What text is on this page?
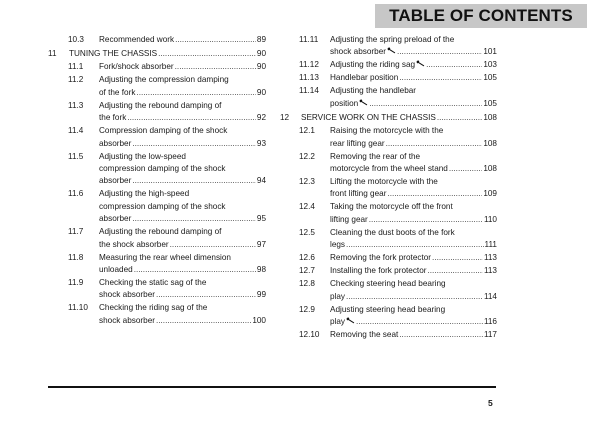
TABLE OF CONTENTS
10.3	Recommended work .....	89
11	TUNING THE CHASSIS .....	90
11.1	Fork/shock absorber .....	90
11.2	Adjusting the compression damping
of the fork .....	90
11.3	Adjusting the rebound damping of
the fork .....	92
11.4	Compression damping of the shock
absorber .....	93
11.5	Adjusting the low-speed
compression damping of the shock
absorber .....	94
11.6	Adjusting the high-speed
compression damping of the shock
absorber .....	95
11.7	Adjusting the rebound damping of
the shock absorber .....	97
11.8	Measuring the rear wheel dimension
unloaded .....	98
11.9	Checking the static sag of the
shock absorber .....	99
11.10	Checking the riding sag of the
shock absorber .....	100
11.11	Adjusting the spring preload of the
shock absorber .....	101
11.12	Adjusting the riding sag .....	103
11.13	Handlebar position .....	105
11.14	Adjusting the handlebar
position .....	105
12	SERVICE WORK ON THE CHASSIS .....	108
12.1	Raising the motorcycle with the
rear lifting gear .....	108
12.2	Removing the rear of the
motorcycle from the wheel stand .....	108
12.3	Lifting the motorcycle with the
front lifting gear .....	109
12.4	Taking the motorcycle off the front
lifting gear .....	110
12.5	Cleaning the dust boots of the fork
legs .....	111
12.6	Removing the fork protector .....	113
12.7	Installing the fork protector .....	113
12.8	Checking steering head bearing
play .....	114
12.9	Adjusting steering head bearing
play .....	116
12.10	Removing the seat .....	117
5
